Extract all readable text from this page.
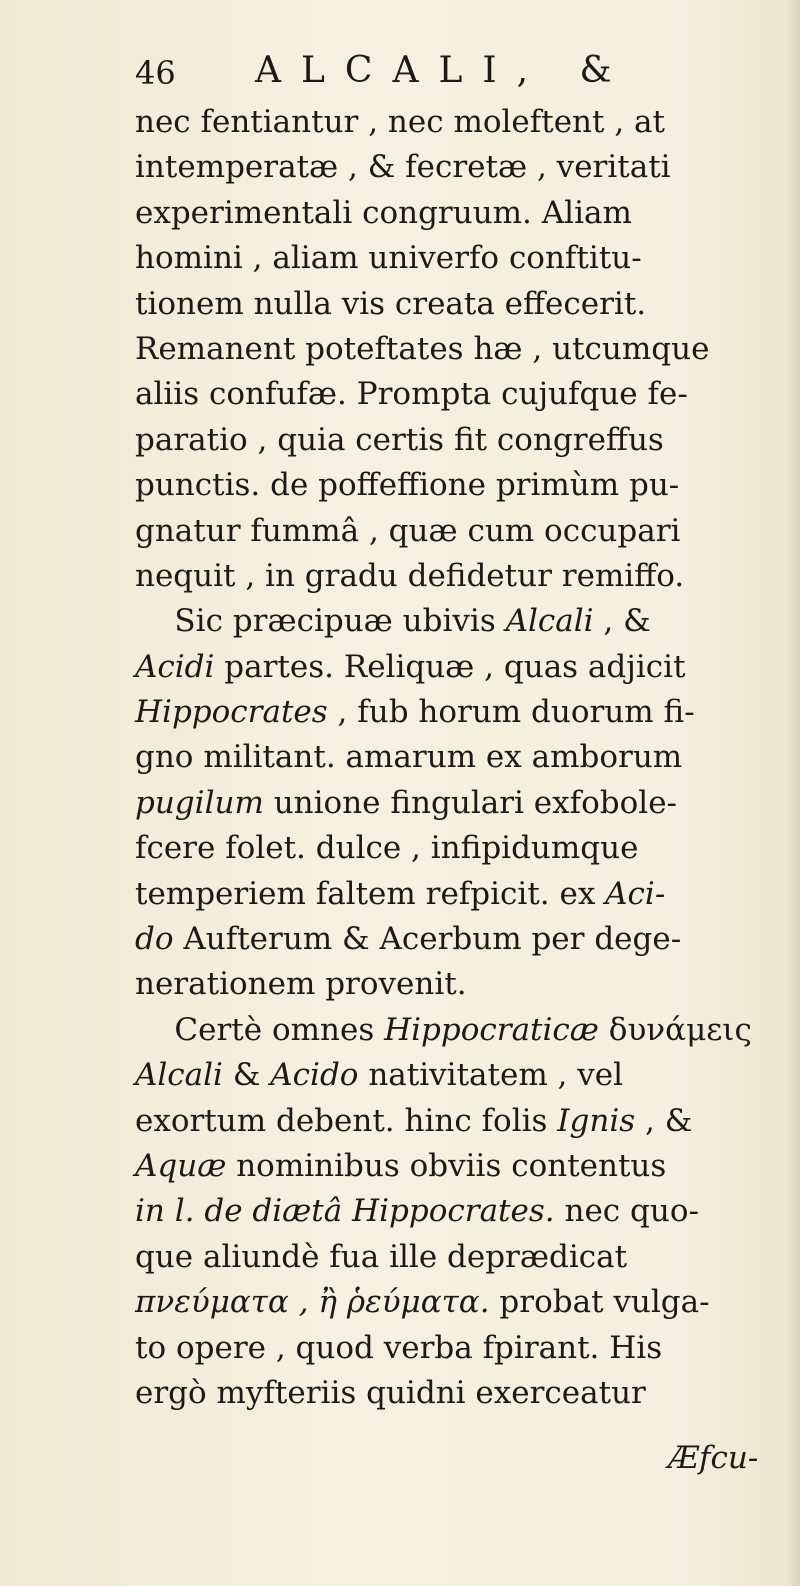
46 ALCALI, &
nec fentiantur , nec moleftent , at
intemperatæ , & fecretæ , veritati
experimentali congruum. Aliam
homini , aliam univerfo conftitu-
tionem nulla vis creata effecerit.
Remanent poteftates hæ , utcumque
aliis confufæ. Prompta cujufque fe-
paratio , quia certis fit congreffus
punctis. de poffeffione primùm pu-
gnatur fummâ , quæ cum occupari
nequit , in gradu defidetur remiffo.
Sic præcipuæ ubivis Alcali , &
Acidi partes. Reliquæ , quas adjicit
Hippocrates , fub horum duorum fi-
gno militant. amarum ex amborum
pugilum unione fingulari exfobole-
fcere folet. dulce , infipidumque
temperiem faltem refpicit. ex Aci-
do Aufterum & Acerbum per dege-
nerationem provenit.
Certè omnes Hippocraticæ δυνάμεις
Alcali & Acido nativitatem , vel
exortum debent. hinc folis Ignis , &
Aquæ nominibus obviis contentus
in l. de diætâ Hippocrates. nec quo-
que aliundè fua ille deprædicat
πνεύματα , ἢ ῥεύματα. probat vulga-
to opere , quod verba fpirant. His
ergò myfteriis quidni exerceatur
Æfcu-
